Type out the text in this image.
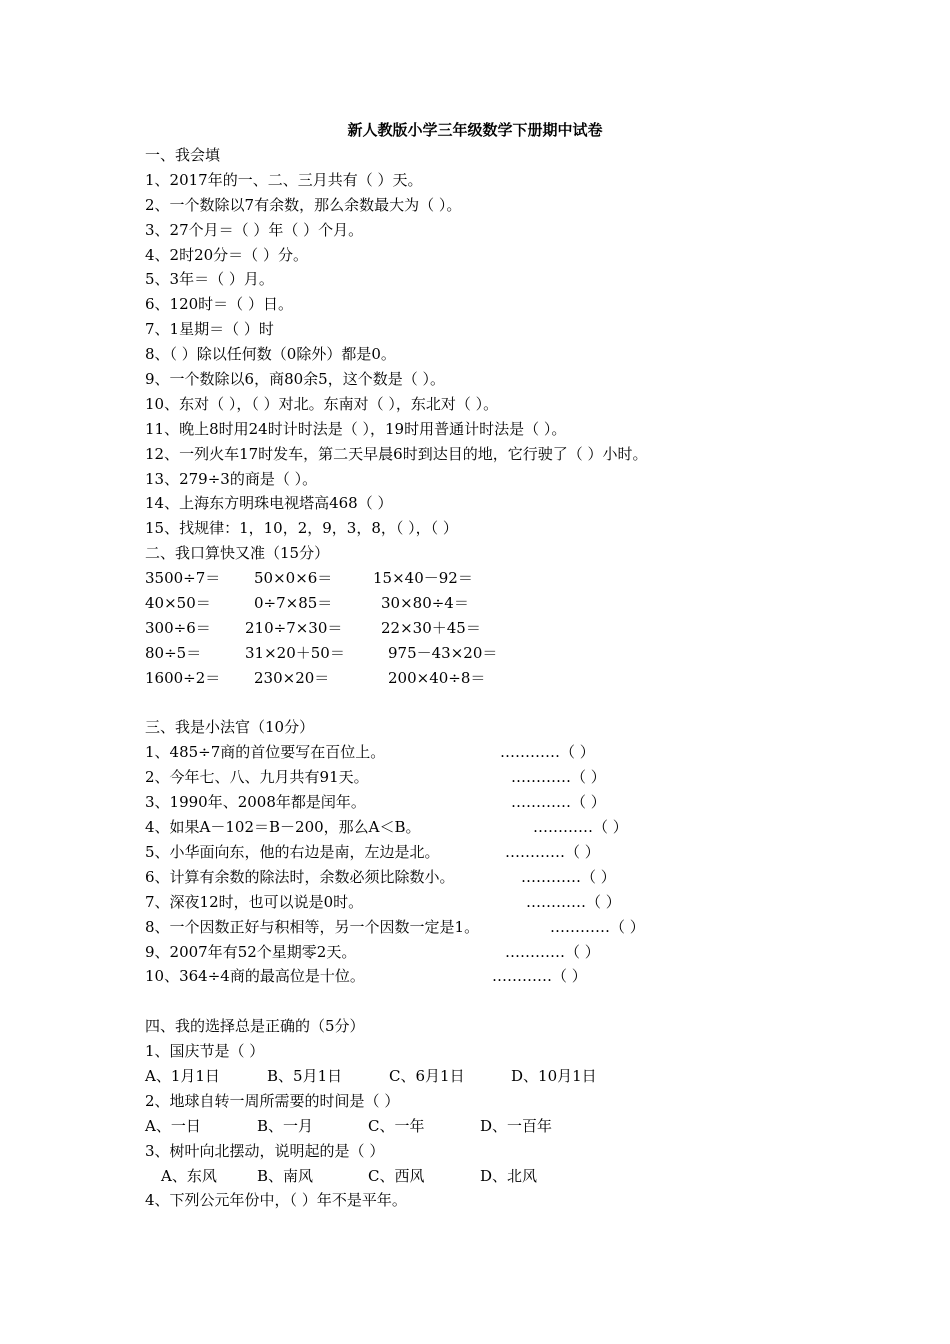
新人教版小学三年级数学下册期中试卷
一、我会填
1、2017年的一、二、三月共有（ ）天。
2、一个数除以7有余数，那么余数最大为（ ）。
3、27个月＝（ ）年（ ）个月。
4、2时20分＝（ ）分。
5、3年＝（ ）月。
6、120时＝（ ）日。
7、1星期＝（ ）时
8、（ ）除以任何数（0除外）都是0。
9、一个数除以6，商80余5，这个数是（ ）。
10、东对（ ），（ ）对北。东南对（ ），东北对（ ）。
11、晚上8时用24时计时法是（ ），19时用普通计时法是（ ）。
12、一列火车17时发车，第二天早晨6时到达目的地，它行驶了（ ）小时。
13、279÷3的商是（ ）。
14、上海东方明珠电视塔高468（ ）
15、找规律：1，10，2，9，3，8，（ ），（ ）
二、我口算快又准（15分）
3500÷7＝ 50×0×6＝	15×40－92＝
40×50＝	0÷7×85＝	30×80÷4＝
300÷6＝ 210÷7×30＝	22×30＋45＝
80÷5＝	31×20＋50＝	975－43×20＝
1600÷2＝ 230×20＝	200×40÷8＝
三、我是小法官（10分）
1、485÷7商的首位要写在百位上。	…………（ ）
2、今年七、八、九月共有91天。	…………（ ）
3、1990年、2008年都是闰年。	…………（ ）
4、如果A－102＝B－200，那么A＜B。	…………（ ）
5、小华面向东，他的右边是南，左边是北。	…………（ ）
6、计算有余数的除法时，余数必须比除数小。	…………（ ）
7、深夜12时，也可以说是0时。	…………（ ）
8、一个因数正好与积相等，另一个因数一定是1。	…………（ ）
9、2007年有52个星期零2天。	…………（ ）
10、364÷4商的最高位是十位。	…………（ ）
四、我的选择总是正确的（5分）
1、国庆节是（ ）
A、1月1日	B、5月1日	C、6月1日	D、10月1日
2、地球自转一周所需要的时间是（ ）
A、一日	B、一月	C、一年	D、一百年
3、树叶向北摆动，说明起的是（ ）
A、东风	B、南风	C、西风	D、北风
4、下列公元年份中，（ ）年不是平年。
